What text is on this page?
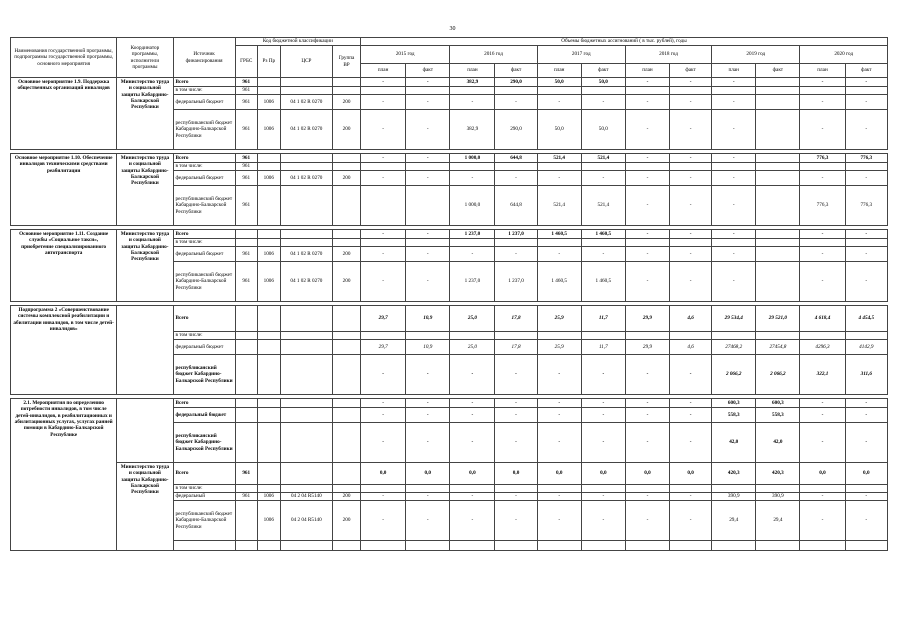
30
Наименования государственной программы, подпрограммы государственной программы, основного мероприятия	Координатор программы, исполнители программы	Источник финансирования	Код бюджетной классификации				Объемы бюджетных ассигнований ( в тыс. рублей), годы											
			ГРБС	Рз Пр	ЦСР	Группа ВР	2015 год		2016 год		2017 год		2018 год		2019 год		2020 год	
							план	факт	план	факт	план	факт	план	факт	план	факт	план	факт
Основное мероприятие 1.9. Поддержка общественных организаций инвалидов	Министерство труда и социальной защиты Кабардино-Балкарской Республики	Всего	961				-	-	382,9	290,0	50,0	50,0	-	-	-		-	-
		в том числе:	961															
		федеральный бюджет	961	1006	04 1 02 R 0270	200	-	-	-	-	-	-	-	-	-		-	-
		республиканский бюджет Кабардино-Балкарской Республики	961	1006	04 1 02 R 0270	200	-	-	382,9	290,0	50,0	50,0	-	-	-		-	-

Основное мероприятие 1.10. Обеспечение инвалидов техническими средствами реабилитации	Министерство труда и социальной защиты Кабардино-Балкарской Республики	Всего	961				-	-	1 000,0	644,8	521,4	521,4	-	-	-		776,3	776,3
		в том числе:	961															
		федеральный бюджет	961	1006	04 1 02 R 0270	200	-	-	-	-	-	-	-	-	-		-	-
		республиканский бюджет Кабардино-Балкарской Республики	961						1 000,0	644,8	521,4	521,4	-	-	-		776,3	776,3

Основное мероприятие 1.11. Создание службы «Социальное такси», приобретение специализированного автотранспорта	Министерство труда и социальной защиты Кабардино-Балкарской Республики	Всего					-	-	1 237,0	1 237,0	1 460,5	1 460,5	-	-	-		-	-
		в том числе:																
		федеральный бюджет	961	1006	04 1 02 R 0270	200	-	-	-	-	-	-	-	-	-		-	-
		республиканский бюджет Кабардино-Балкарской Республики	961	1006	04 1 02 R 0270	200	-	-	1 237,0	1 237,0	1 460,5	1 460,5	-	-	-		-	-

Подпрограмма 2 «Совершенствование системы комплексной реабилитации и абилитации инвалидов, в том числе детей-инвалидов»		Всего					29,7	10,9	25,0	17,8	25,9	11,7	29,9	4,6	29 534,4	29 521,0	4 618,4	4 454,5
		в том числе:																
		федеральный бюджет					29,7	10,9	25,0	17,8	25,9	11,7	29,9	4,6	27468,2	27454,8	4296,3	4142,9
		республиканский бюджет Кабардино-Балкарской Республики					-	-	-	-	-	-	-	-	2 066,2	2 066,2	322,1	311,6

2.1. Мероприятия по определению потребности инвалидов, в том числе детей-инвалидов, в реабилитационных и абилитационных услугах, услугах ранней помощи в Кабардино-Балкарской Республике		Всего					-	-	-	-	-	-	-	-	600,3	600,3	-	-
		федеральный бюджет					-	-	-	-	-	-	-	-	558,3	558,3	-	-
		республиканский бюджет Кабардино-Балкарской Республики					-	-	-	-	-	-	-	-	42,0	42,0	-	-
	Министерство труда и социальной защиты Кабардино-Балкарской Республики	Всего	961				0,0	0,0	0,0	0,0	0,0	0,0	0,0	0,0	420,3	420,3	0,0	0,0
		в том числе:																
		федеральный	961	1006	04 2 04 R5140	200	-	-	-	-	-	-	-	-	390,9	390,9	-	-
		республиканский бюджет Кабардино-Балкарской Республики		1006	04 2 04 R5140	200	-	-	-	-	-	-	-	-	29,4	29,4	-	-
